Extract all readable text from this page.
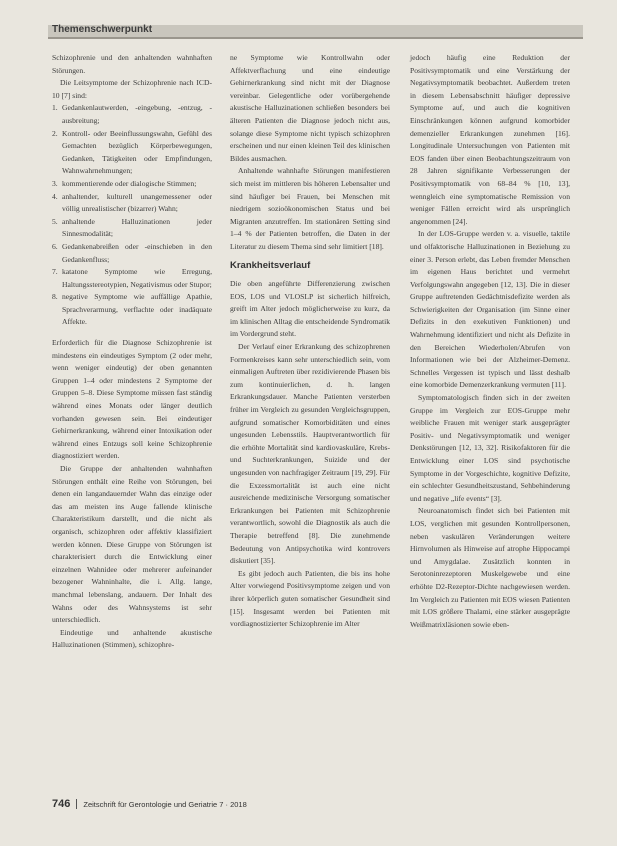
Themenschwerpunkt

Schizophrenie und den anhaltenden wahnhaften Störungen.

Die Leitsymptome der Schizophrenie nach ICD-10 [7] sind:

1. Gedankenlautwerden, -eingebung, -entzug, -ausbreitung;
2. Kontroll- oder Beeinflussungswahn, Gefühl des Gemachten bezüglich Körperbewegungen, Gedanken, Tätigkeiten oder Empfindungen, Wahnwahrnehmungen;
3. kommentierende oder dialogische Stimmen;
4. anhaltender, kulturell unangemessener oder völlig unrealistischer (bizarrer) Wahn;
5. anhaltende Halluzinationen jeder Sinnesmodalität;
6. Gedankenabreißen oder -einschieben in den Gedankenfluss;
7. katatone Symptome wie Erregung, Haltungsstereotypien, Negativismus oder Stupor;
8. negative Symptome wie auffällige Apathie, Sprachverarmung, verflachte oder inadäquate Affekte.

Erforderlich für die Diagnose Schizophrenie ist mindestens ein eindeutiges Symptom (2 oder mehr, wenn weniger eindeutig) der oben genannten Gruppen 1–4 oder mindestens 2 Symptome der Gruppen 5–8. Diese Symptome müssen fast ständig während eines Monats oder länger deutlich vorhanden gewesen sein. Bei eindeutiger Gehirnerkrankung, während einer Intoxikation oder während eines Entzugs soll keine Schizophrenie diagnostiziert werden.

Die Gruppe der anhaltenden wahnhaften Störungen enthält eine Reihe von Störungen, bei denen ein langandauernder Wahn das einzige oder das am meisten ins Auge fallende klinische Charakteristikum darstellt, und die nicht als organisch, schizophren oder affektiv klassifiziert werden können. Diese Gruppe von Störungen ist charakterisiert durch die Entwicklung einer einzelnen Wahnidee oder mehrerer aufeinander bezogener Wahninhalte, die i. Allg. lange, manchmal lebenslang, andauern. Der Inhalt des Wahns oder des Wahnsystems ist sehr unterschiedlich.

Eindeutige und anhaltende akustische Halluzinationen (Stimmen), schizophre-

ne Symptome wie Kontrollwahn oder Affektverflachung und eine eindeutige Gehirnerkrankung sind nicht mit der Diagnose vereinbar. Gelegentliche oder vorübergehende akustische Halluzinationen schließen besonders bei älteren Patienten die Diagnose jedoch nicht aus, solange diese Symptome nicht typisch schizophren erscheinen und nur einen kleinen Teil des klinischen Bildes ausmachen.

Anhaltende wahnhafte Störungen manifestieren sich meist im mittleren bis höheren Lebensalter und sind häufiger bei Frauen, bei Menschen mit niedrigem sozioökonomischen Status und bei Migranten anzutreffen. Im stationären Setting sind 1–4 % der Patienten betroffen, die Daten in der Literatur zu diesem Thema sind sehr limitiert [18].

Krankheitsverlauf

Die oben angeführte Differenzierung zwischen EOS, LOS und VLOSLP ist sicherlich hilfreich, greift im Alter jedoch möglicherweise zu kurz, da im klinischen Alltag die entscheidende Syndromatik im Vordergrund steht.

Der Verlauf einer Erkrankung des schizophrenen Formenkreises kann sehr unterschiedlich sein, vom einmaligen Auftreten über rezidivierende Phasen bis zum kontinuierlichen, d. h. langen Erkrankungsdauer. Manche Patienten versterben früher im Vergleich zu gesunden Vergleichsgruppen, aufgrund somatischer Komorbiditäten und eines ungesunden Lebensstils. Hauptverantwortlich für die erhöhte Mortalität sind kardiovaskuläre, Krebs- und Suchterkrankungen, Suizide und der ungesunden von nachfragiger Zeitraum [19, 29]. Für die Exzessmortalität ist auch eine nicht ausreichende medizinische Versorgung somatischer Erkrankungen bei Patienten mit Schizophrenie verantwortlich, sowohl die Diagnostik als auch die Therapie betreffend [8]. Die zunehmende Bedeutung von Antipsychotika wird kontrovers diskutiert [35].

Es gibt jedoch auch Patienten, die bis ins hohe Alter vorwiegend Positivsymptome zeigen und von ihrer körperlich guten somatischer Gesundheit sind [15]. Insgesamt werden bei Patienten mit vordiagnostizierter Schizophrenie im Alter

jedoch häufig eine Reduktion der Positivsymptomatik und eine Verstärkung der Negativsymptomatik beobachtet. Außerdem treten in diesem Lebensabschnitt häufiger depressive Symptome auf, und auch die kognitiven Einschränkungen können aufgrund komorbider demenzieller Erkrankungen zunehmen [16]. Longitudinale Untersuchungen von Patienten mit EOS fanden über einen Beobachtungszeitraum von 28 Jahren signifikante Verbesserungen der Positivsymptomatik von 68–84 % [10, 13], wenngleich eine symptomatische Remission von weniger Fällen erreicht wird als ursprünglich angenommen [24].

In der LOS-Gruppe werden v. a. visuelle, taktile und olfaktorische Halluzinationen in Beziehung zu einer 3. Person erlebt, das Leben fremder Menschen im eigenen Haus berichtet und vermehrt Verfolgungswahn angegeben [12, 13]. Die in dieser Gruppe auftretenden Gedächtnisdefizite werden als Schwierigkeiten der Organisation (im Sinne einer Defizits in den exekutiven Funktionen) und Wahrnehmung identifiziert und nicht als Defizite in den Bereichen Wiederholen/Abrufen von Informationen wie bei der Alzheimer-Demenz. Schnelles Vergessen ist typisch und lässt deshalb eine komorbide Demenzerkrankung vermuten [11].

Symptomatologisch finden sich in der zweiten Gruppe im Vergleich zur EOS-Gruppe mehr weibliche Frauen mit weniger stark ausgeprägter Positiv- und Negativsymptomatik und weniger Denkstörungen [12, 13, 32]. Risikofaktoren für die Entwicklung einer LOS sind psychotische Symptome in der Vorgeschichte, kognitive Defizite, ein schlechter Gesundheitszustand, Sehbehinderung und negative „life events“ [3].

Neuroanatomisch findet sich bei Patienten mit LOS, verglichen mit gesunden Kontrollpersonen, neben vaskulären Veränderungen weitere Hirnvolumen als Hinweise auf atrophe Hippocampi und Amygdalae. Zusätzlich konnten in Serotoninrezeptoren Muskelgewebe und eine erhöhte D2-Rezeptor-Dichte nachgewiesen werden. Im Vergleich zu Patienten mit EOS wiesen Patienten mit LOS größere Thalami, eine stärker ausgeprägte Weißmatrixläsionen sowie eben-

746 Zeitschrift für Gerontologie und Geriatrie 7 · 2018
